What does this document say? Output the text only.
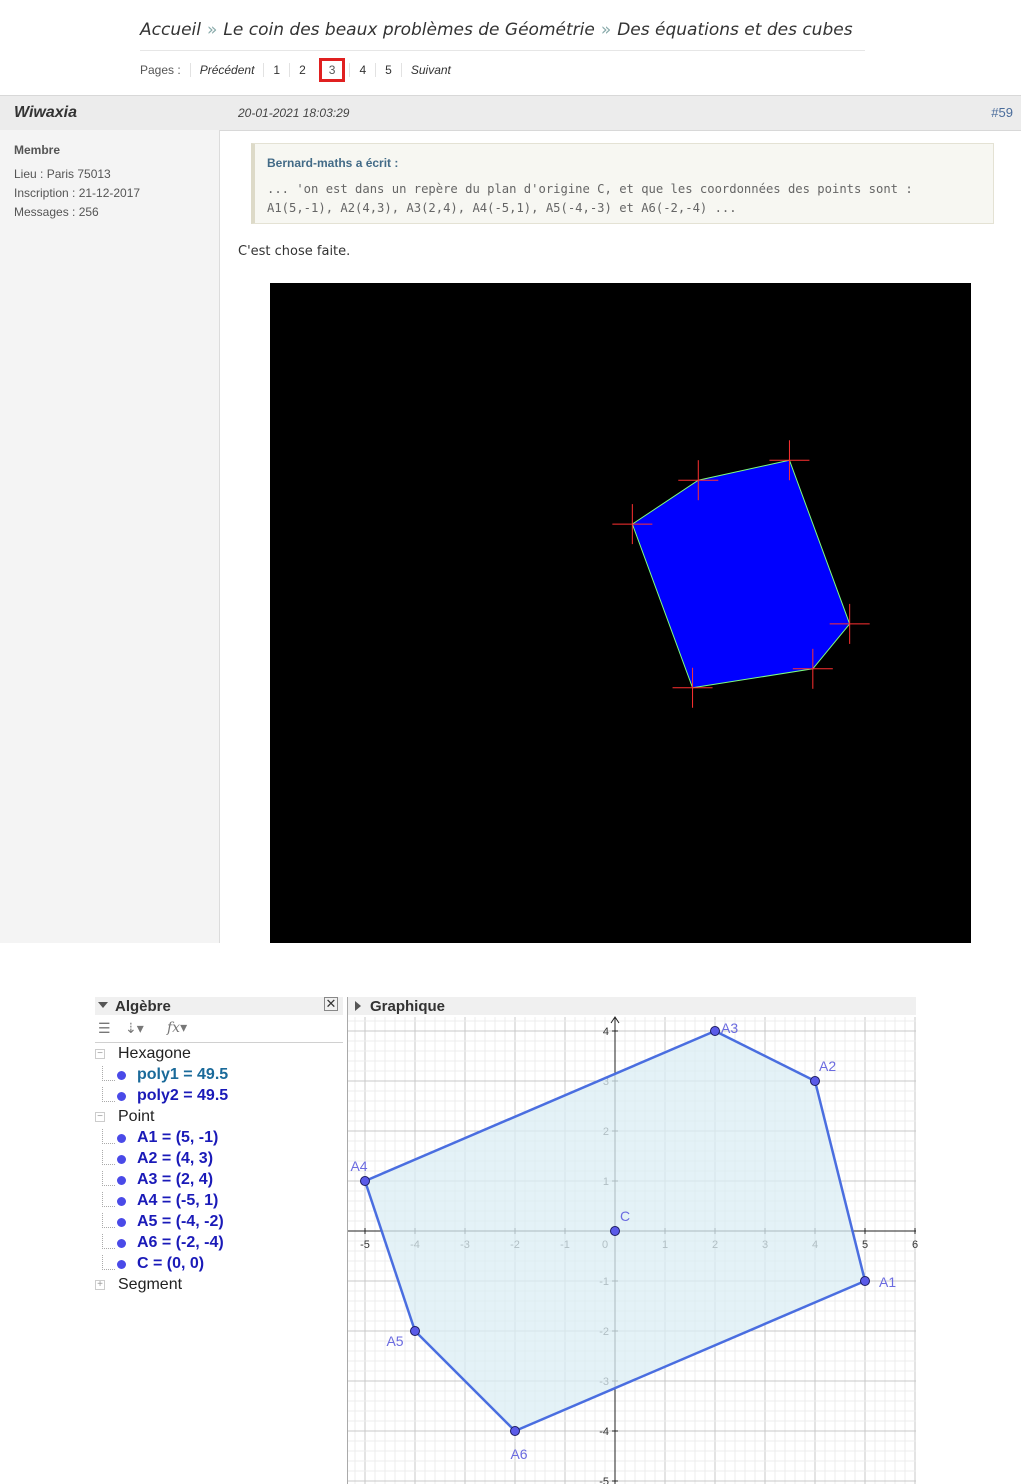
Accueil » Le coin des beaux problèmes de Géométrie » Des équations et des cubes
Pages : Précédent 1 2 3 4 5 Suivant
Wiwaxia	20-01-2021 18:03:29	#59
Membre
Lieu : Paris 75013
Inscription : 21-12-2017
Messages : 256
Bernard-maths a écrit :
... 'on est dans un repère du plan d'origine C, et que les coordonnées des points sont : A1(5,-1), A2(4,3), A3(2,4), A4(-5,1), A5(-4,-3) et A6(-2,-4) ...
C'est chose faite.
Algèbre	✕
☰ ⇣▾ fx▾
− Hexagone
poly1 = 49.5
poly2 = 49.5
− Point
A1 = (5, -1)
A2 = (4, 3)
A3 = (2, 4)
A4 = (-5, 1)
A5 = (-4, -2)
A6 = (-2, -4)
C = (0, 0)
+ Segment
Graphique
-5	5	6
4
-4
-5
C
A1
A2
A3
A4
A5
A6
